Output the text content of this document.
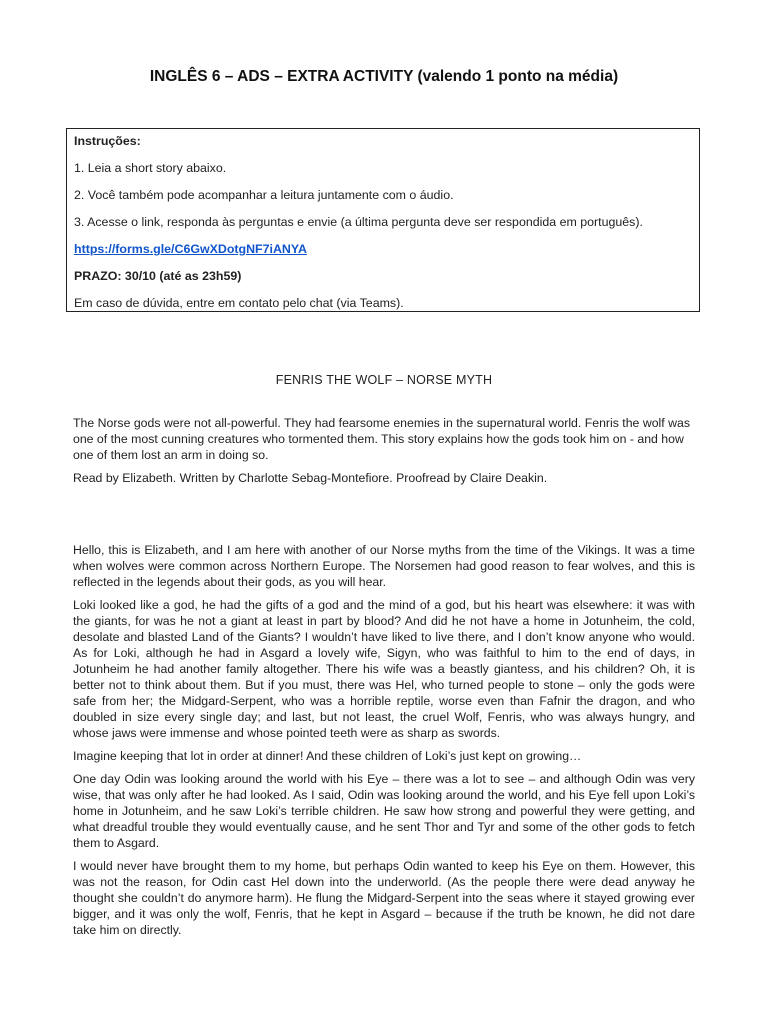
INGLÊS 6 – ADS – EXTRA ACTIVITY (valendo 1 ponto na média)

Instruções:

1. Leia a short story abaixo.

2. Você também pode acompanhar a leitura juntamente com o áudio.

3. Acesse o link, responda às perguntas e envie (a última pergunta deve ser respondida em português).

https://forms.gle/C6GwXDotgNF7iANYA

PRAZO: 30/10 (até as 23h59)

Em caso de dúvida, entre em contato pelo chat (via Teams).

FENRIS THE WOLF – NORSE MYTH

The Norse gods were not all-powerful. They had fearsome enemies in the supernatural world. Fenris the wolf was one of the most cunning creatures who tormented them. This story explains how the gods took him on - and how one of them lost an arm in doing so.

Read by Elizabeth. Written by Charlotte Sebag-Montefiore. Proofread by Claire Deakin.

Hello, this is Elizabeth, and I am here with another of our Norse myths from the time of the Vikings. It was a time when wolves were common across Northern Europe. The Norsemen had good reason to fear wolves, and this is reflected in the legends about their gods, as you will hear.

Loki looked like a god, he had the gifts of a god and the mind of a god, but his heart was elsewhere: it was with the giants, for was he not a giant at least in part by blood? And did he not have a home in Jotunheim, the cold, desolate and blasted Land of the Giants? I wouldn’t have liked to live there, and I don’t know anyone who would. As for Loki, although he had in Asgard a lovely wife, Sigyn, who was faithful to him to the end of days, in Jotunheim he had another family altogether. There his wife was a beastly giantess, and his children? Oh, it is better not to think about them. But if you must, there was Hel, who turned people to stone – only the gods were safe from her; the Midgard-Serpent, who was a horrible reptile, worse even than Fafnir the dragon, and who doubled in size every single day; and last, but not least, the cruel Wolf, Fenris, who was always hungry, and whose jaws were immense and whose pointed teeth were as sharp as swords.

Imagine keeping that lot in order at dinner! And these children of Loki’s just kept on growing…

One day Odin was looking around the world with his Eye – there was a lot to see – and although Odin was very wise, that was only after he had looked. As I said, Odin was looking around the world, and his Eye fell upon Loki’s home in Jotunheim, and he saw Loki’s terrible children. He saw how strong and powerful they were getting, and what dreadful trouble they would eventually cause, and he sent Thor and Tyr and some of the other gods to fetch them to Asgard.

I would never have brought them to my home, but perhaps Odin wanted to keep his Eye on them. However, this was not the reason, for Odin cast Hel down into the underworld. (As the people there were dead anyway he thought she couldn’t do anymore harm). He flung the Midgard-Serpent into the seas where it stayed growing ever bigger, and it was only the wolf, Fenris, that he kept in Asgard – because if the truth be known, he did not dare take him on directly.
